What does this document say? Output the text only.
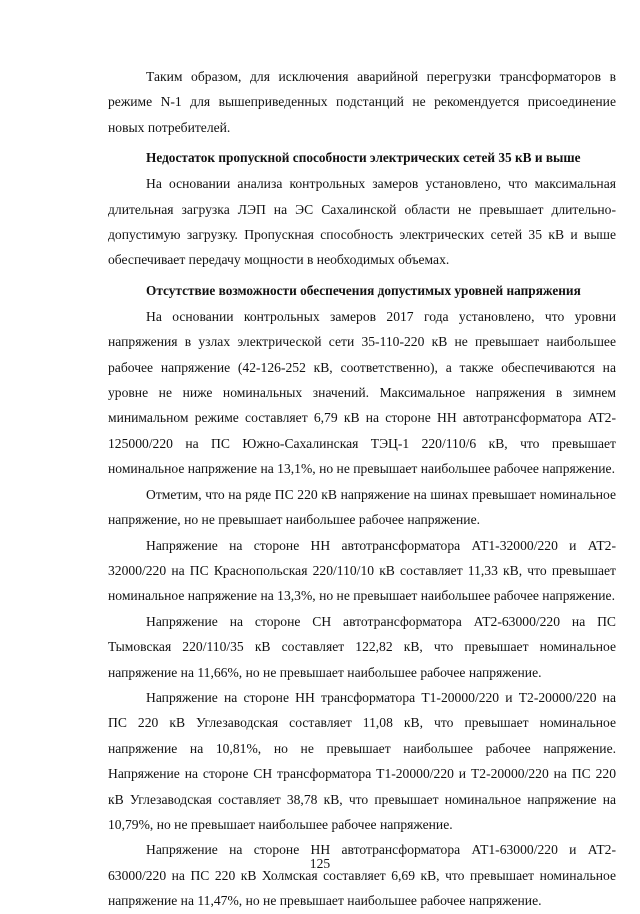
Таким образом, для исключения аварийной перегрузки трансформаторов в режиме N-1 для вышеприведенных подстанций не рекомендуется присоединение новых потребителей.

Недостаток пропускной способности электрических сетей 35 кВ и выше

На основании анализа контрольных замеров установлено, что максимальная длительная загрузка ЛЭП на ЭС Сахалинской области не превышает длительно-допустимую загрузку. Пропускная способность электрических сетей 35 кВ и выше обеспечивает передачу мощности в необходимых объемах.

Отсутствие возможности обеспечения допустимых уровней напряжения

На основании контрольных замеров 2017 года установлено, что уровни напряжения в узлах электрической сети 35-110-220 кВ не превышает наибольшее рабочее напряжение (42-126-252 кВ, соответственно), а также обеспечиваются на уровне не ниже номинальных значений. Максимальное напряжения в зимнем минимальном режиме составляет 6,79 кВ на стороне НН автотрансформатора АТ2-125000/220 на ПС Южно-Сахалинская ТЭЦ-1 220/110/6 кВ, что превышает номинальное напряжение на 13,1%, но не превышает наибольшее рабочее напряжение.

Отметим, что на ряде ПС 220 кВ напряжение на шинах превышает номинальное напряжение, но не превышает наибольшее рабочее напряжение.

Напряжение на стороне НН автотрансформатора АТ1-32000/220 и АТ2-32000/220 на ПС Краснопольская 220/110/10 кВ составляет 11,33 кВ, что превышает номинальное напряжение на 13,3%, но не превышает наибольшее рабочее напряжение.

Напряжение на стороне СН автотрансформатора АТ2-63000/220 на ПС Тымовская 220/110/35 кВ составляет 122,82 кВ, что превышает номинальное напряжение на 11,66%, но не превышает наибольшее рабочее напряжение.

Напряжение на стороне НН трансформатора Т1-20000/220 и Т2-20000/220 на ПС 220 кВ Углезаводская составляет 11,08 кВ, что превышает номинальное напряжение на 10,81%, но не превышает наибольшее рабочее напряжение. Напряжение на стороне СН трансформатора Т1-20000/220 и Т2-20000/220 на ПС 220 кВ Углезаводская составляет 38,78 кВ, что превышает номинальное напряжение на 10,79%, но не превышает наибольшее рабочее напряжение.

Напряжение на стороне НН автотрансформатора АТ1-63000/220 и АТ2-63000/220 на ПС 220 кВ Холмская составляет 6,69 кВ, что превышает номинальное напряжение на 11,47%, но не превышает наибольшее рабочее напряжение.

125
